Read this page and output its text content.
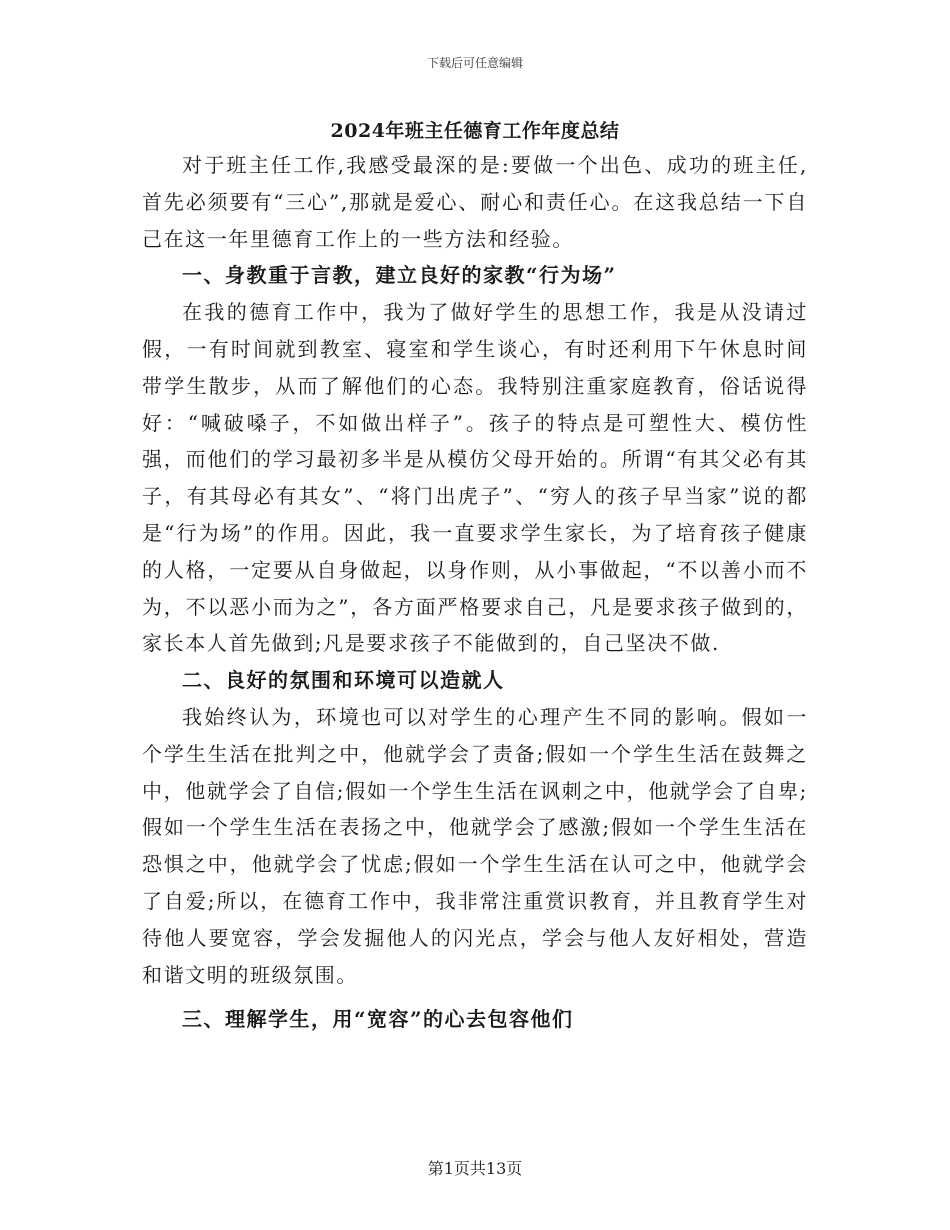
下载后可任意编辑
2024年班主任德育工作年度总结

对于班主任工作,我感受最深的是:要做一个出色、成功的班主任,首先必须要有“三心”,那就是爱心、耐心和责任心。在这我总结一下自己在这一年里德育工作上的一些方法和经验。

一、身教重于言教，建立良好的家教“行为场”

在我的德育工作中，我为了做好学生的思想工作，我是从没请过假，一有时间就到教室、寝室和学生谈心，有时还利用下午休息时间带学生散步，从而了解他们的心态。我特别注重家庭教育，俗话说得好：“喊破嗓子，不如做出样子”。孩子的特点是可塑性大、模仿性强，而他们的学习最初多半是从模仿父母开始的。所谓“有其父必有其子，有其母必有其女”、“将门出虎子”、“穷人的孩子早当家”说的都是“行为场”的作用。因此，我一直要求学生家长，为了培育孩子健康的人格，一定要从自身做起，以身作则，从小事做起，“不以善小而不为，不以恶小而为之”，各方面严格要求自己，凡是要求孩子做到的，家长本人首先做到;凡是要求孩子不能做到的，自己坚决不做.

二、良好的氛围和环境可以造就人

我始终认为，环境也可以对学生的心理产生不同的影响。假如一个学生生活在批判之中，他就学会了责备;假如一个学生生活在鼓舞之中，他就学会了自信;假如一个学生生活在讽刺之中，他就学会了自卑;假如一个学生生活在表扬之中，他就学会了感激;假如一个学生生活在恐惧之中，他就学会了忧虑;假如一个学生生活在认可之中，他就学会了自爱;所以，在德育工作中，我非常注重赏识教育，并且教育学生对待他人要宽容，学会发掘他人的闪光点，学会与他人友好相处，营造和谐文明的班级氛围。

三、理解学生，用“宽容”的心去包容他们

第1页共13页
